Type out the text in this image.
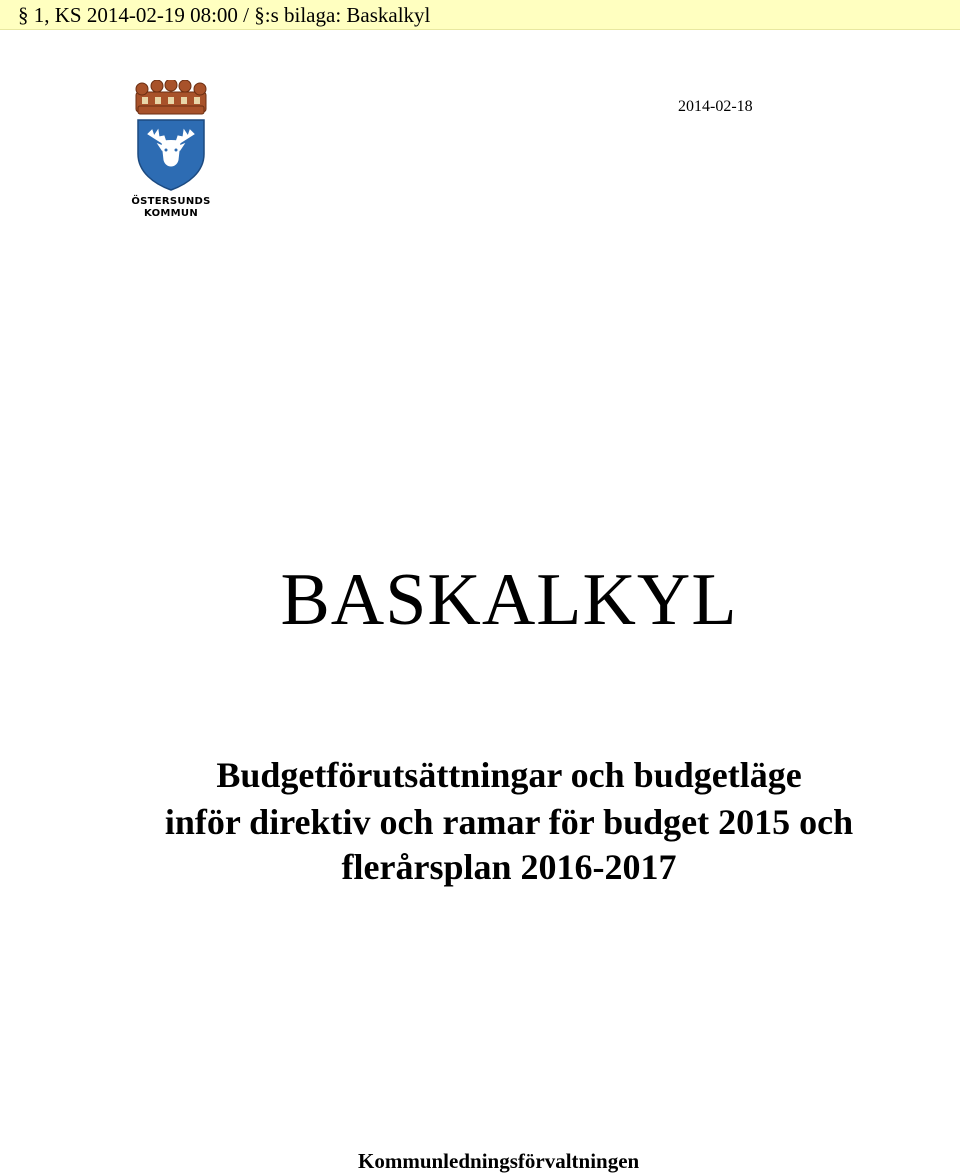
§ 1, KS 2014-02-19 08:00 / §:s bilaga: Baskalkyl
ÖSTERSUNDS
KOMMUN
2014-02-18
BASKALKYL
Budgetförutsättningar och budgetläge
inför direktiv och ramar för budget 2015 och
flerårsplan 2016-2017
Kommunledningsförvaltningen
